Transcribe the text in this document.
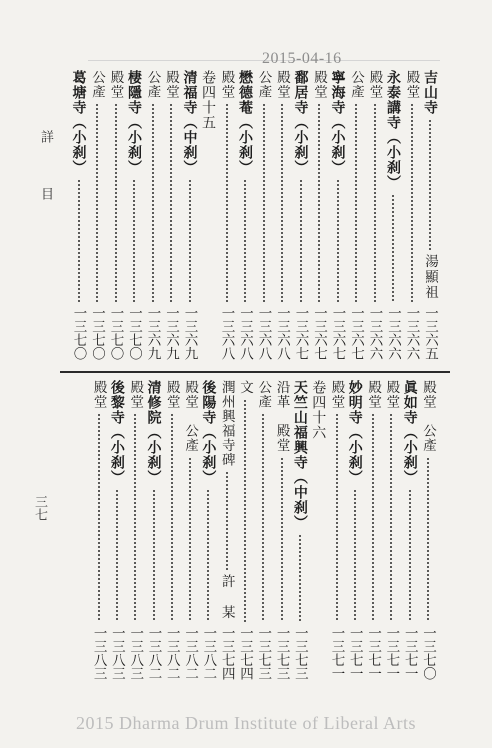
2015-04-16
詳 目
三七
吉山寺
湯顯祖
一三六五
殿堂
一三六六
永泰講寺（小刹）
一三六六
殿堂
一三六六
公產
一三六七
寧海寺（小刹）
一三六七
殿堂
一三六七
鄱居寺（小刹）
一三六七
殿堂
一三六八
公產
一三六八
懋德菴（小刹）
一三六八
殿堂
一三六八
卷四十五
清福寺（中刹）
一三六九
殿堂
一三六九
公產
一三六九
棲隱寺（小刹）
一三七〇
殿堂
一三七〇
公產
一三七〇
葛塘寺（小刹）
一三七〇
殿堂　公產
一三七〇
眞如寺（小刹）
一三七一
殿堂
一三七一
殿堂
一三七一
妙明寺（小刹）
一三七一
殿堂
一三七一
卷四十六
天竺山福興寺（中刹）
一三七三
沿革　殿堂
一三七三
公產
一三七三
文
一三七四
潤州興福寺碑
許　某
一三七四
後陽寺（小刹）
一三八二
殿堂　公產
一三八二
殿堂
一三八二
清修院（小刹）
一三八二
殿堂
一三八三
後黎寺（小刹）
一三八三
殿堂
一三八三
2015 Dharma Drum Institute of Liberal Arts
